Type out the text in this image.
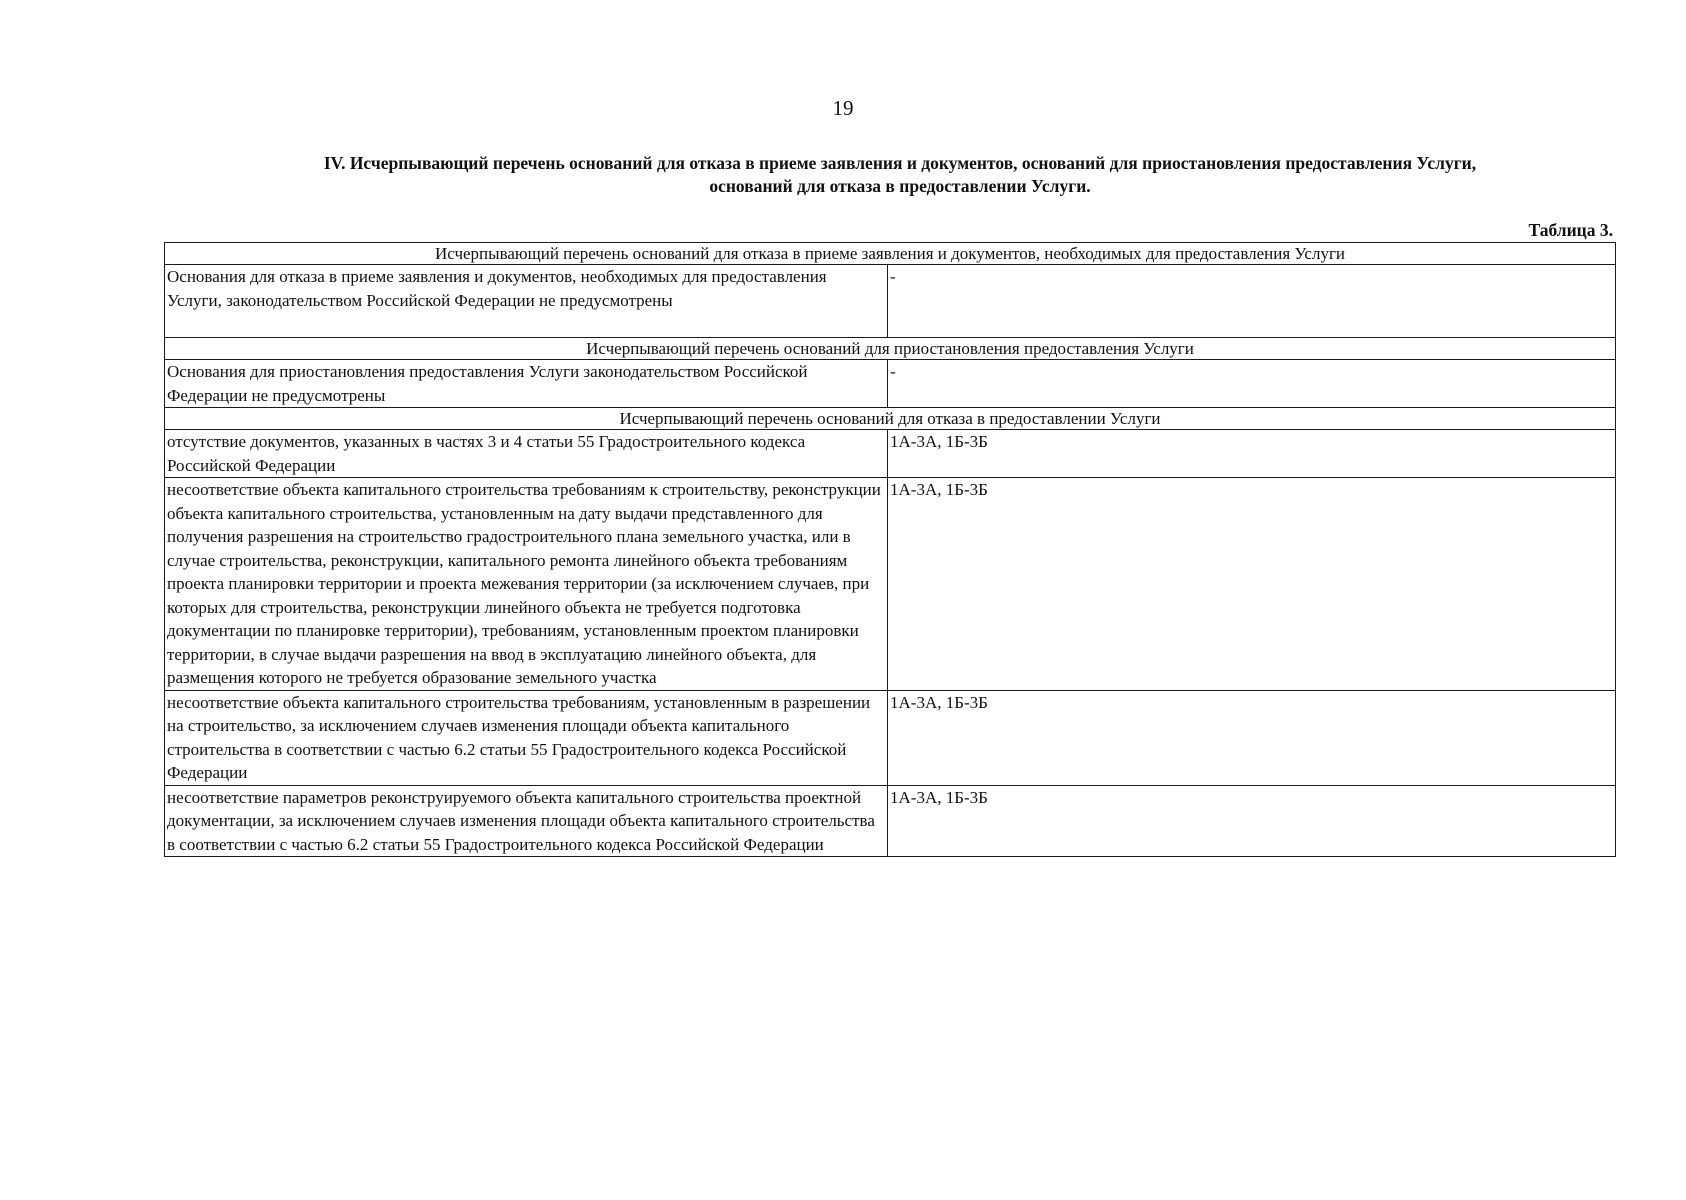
19
IV. Исчерпывающий перечень оснований для отказа в приеме заявления и документов, оснований для приостановления предоставления Услуги,
оснований для отказа в предоставлении Услуги.
Таблица 3.
Исчерпывающий перечень оснований для отказа в приеме заявления и документов, необходимых для предоставления Услуги	
Основания для отказа в приеме заявления и документов, необходимых для предоставления Услуги, законодательством Российской Федерации не предусмотрены	-
Исчерпывающий перечень оснований для приостановления предоставления Услуги	
Основания для приостановления предоставления Услуги законодательством Российской Федерации не предусмотрены	-
Исчерпывающий перечень оснований для отказа в предоставлении Услуги	
отсутствие документов, указанных в частях 3 и 4 статьи 55 Градостроительного кодекса Российской Федерации	1А-3А, 1Б-3Б
несоответствие объекта капитального строительства требованиям к строительству, реконструкции объекта капитального строительства, установленным на дату выдачи представленного для получения разрешения на строительство градостроительного плана земельного участка, или в случае строительства, реконструкции, капитального ремонта линейного объекта требованиям проекта планировки территории и проекта межевания территории (за исключением случаев, при которых для строительства, реконструкции линейного объекта не требуется подготовка документации по планировке территории), требованиям, установленным проектом планировки территории, в случае выдачи разрешения на ввод в эксплуатацию линейного объекта, для размещения которого не требуется образование земельного участка	1А-3А, 1Б-3Б
несоответствие объекта капитального строительства требованиям, установленным в разрешении на строительство, за исключением случаев изменения площади объекта капитального строительства в соответствии с частью 6.2 статьи 55 Градостроительного кодекса Российской Федерации	1А-3А, 1Б-3Б
несоответствие параметров реконструируемого объекта капитального строительства проектной документации, за исключением случаев изменения площади объекта капитального строительства в соответствии с частью 6.2 статьи 55 Градостроительного кодекса Российской Федерации	1А-3А, 1Б-3Б
